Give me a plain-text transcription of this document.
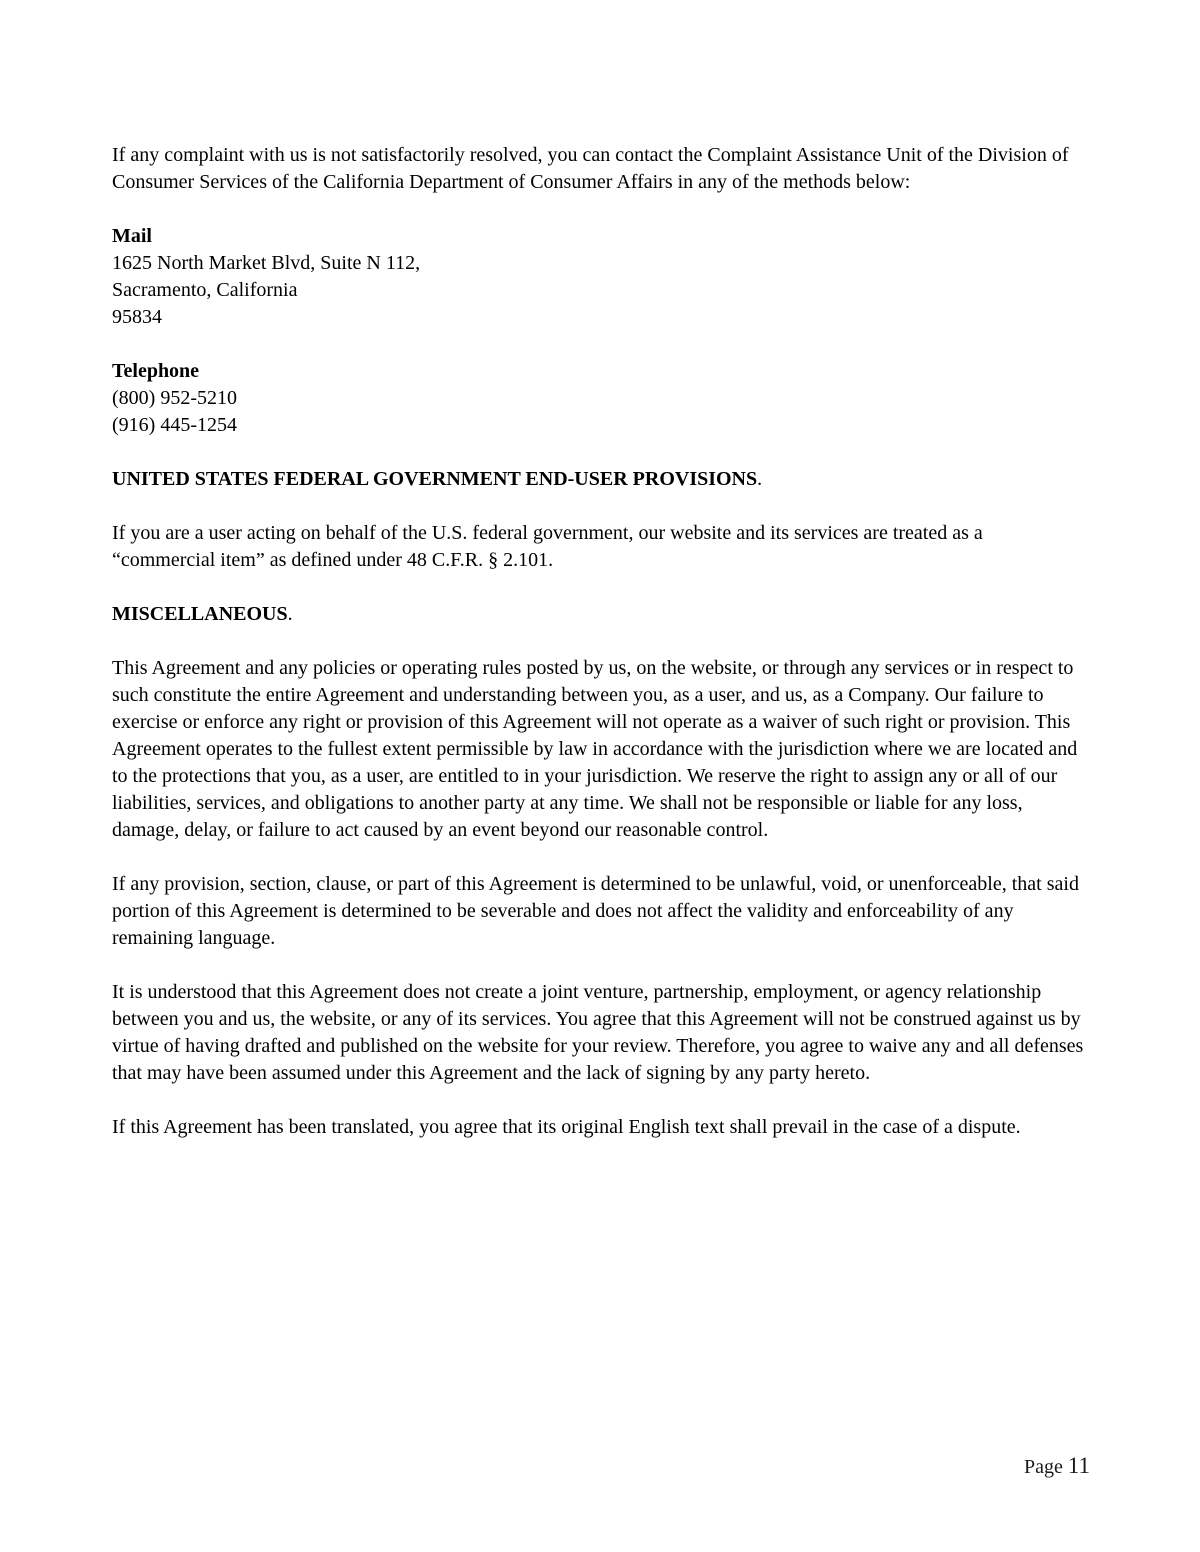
If any complaint with us is not satisfactorily resolved, you can contact the Complaint Assistance Unit of the Division of Consumer Services of the California Department of Consumer Affairs in any of the methods below:

Mail
1625 North Market Blvd, Suite N 112,
Sacramento, California
95834
Telephone
(800) 952-5210
(916) 445-1254

UNITED STATES FEDERAL GOVERNMENT END-USER PROVISIONS.

If you are a user acting on behalf of the U.S. federal government, our website and its services are treated as a “commercial item” as defined under 48 C.F.R. § 2.101.

MISCELLANEOUS.

This Agreement and any policies or operating rules posted by us, on the website, or through any services or in respect to such constitute the entire Agreement and understanding between you, as a user, and us, as a Company. Our failure to exercise or enforce any right or provision of this Agreement will not operate as a waiver of such right or provision. This Agreement operates to the fullest extent permissible by law in accordance with the jurisdiction where we are located and to the protections that you, as a user, are entitled to in your jurisdiction. We reserve the right to assign any or all of our liabilities, services, and obligations to another party at any time. We shall not be responsible or liable for any loss, damage, delay, or failure to act caused by an event beyond our reasonable control.

If any provision, section, clause, or part of this Agreement is determined to be unlawful, void, or unenforceable, that said portion of this Agreement is determined to be severable and does not affect the validity and enforceability of any remaining language.

It is understood that this Agreement does not create a joint venture, partnership, employment, or agency relationship between you and us, the website, or any of its services. You agree that this Agreement will not be construed against us by virtue of having drafted and published on the website for your review. Therefore, you agree to waive any and all defenses that may have been assumed under this Agreement and the lack of signing by any party hereto.

If this Agreement has been translated, you agree that its original English text shall prevail in the case of a dispute.

Page 11
